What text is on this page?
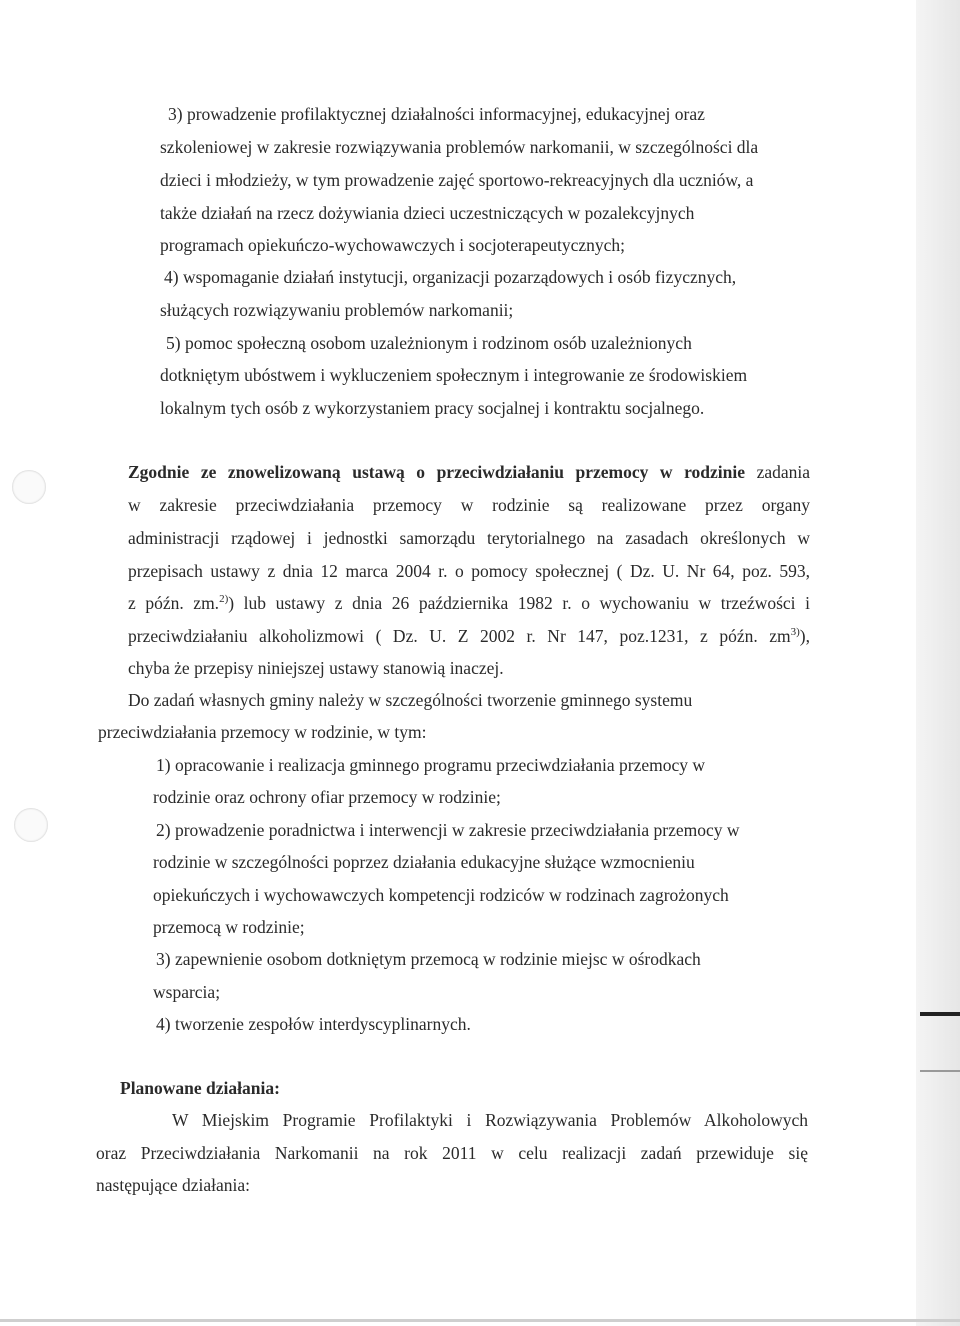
3) prowadzenie profilaktycznej działalności informacyjnej, edukacyjnej oraz
szkoleniowej w zakresie rozwiązywania problemów narkomanii, w szczególności dla
dzieci i młodzieży, w tym prowadzenie zajęć sportowo-rekreacyjnych dla uczniów, a
także działań na rzecz dożywiania dzieci uczestniczących w pozalekcyjnych
programach opiekuńczo-wychowawczych i socjoterapeutycznych;
4) wspomaganie działań instytucji, organizacji pozarządowych i osób fizycznych,
służących rozwiązywaniu problemów narkomanii;
5) pomoc społeczną osobom uzależnionym i rodzinom osób uzależnionych
dotkniętym ubóstwem i wykluczeniem społecznym i integrowanie ze środowiskiem
lokalnym tych osób z wykorzystaniem pracy socjalnej i kontraktu socjalnego.
Zgodnie ze znowelizowaną ustawą o przeciwdziałaniu przemocy w rodzinie zadania
w zakresie przeciwdziałania przemocy w rodzinie są realizowane przez organy
administracji rządowej i jednostki samorządu terytorialnego na zasadach określonych w
przepisach ustawy z dnia 12 marca 2004 r. o pomocy społecznej ( Dz. U. Nr 64, poz. 593,
z późn. zm.$^{2)}$) lub ustawy z dnia 26 października 1982 r. o wychowaniu w trzeźwości i
przeciwdziałaniu alkoholizmowi ( Dz. U. Z 2002 r. Nr 147, poz.1231, z późn. $zm^{3)}$),
chyba że przepisy niniejszej ustawy stanowią inaczej.
Do zadań własnych gminy należy w szczególności tworzenie gminnego systemu
przeciwdziałania przemocy w rodzinie, w tym:
1) opracowanie i realizacja gminnego programu przeciwdziałania przemocy w
rodzinie oraz ochrony ofiar przemocy w rodzinie;
2) prowadzenie poradnictwa i interwencji w zakresie przeciwdziałania przemocy w
rodzinie w szczególności poprzez działania edukacyjne służące wzmocnieniu
opiekuńczych i wychowawczych kompetencji rodziców w rodzinach zagrożonych
przemocą w rodzinie;
3) zapewnienie osobom dotkniętym przemocą w rodzinie miejsc w ośrodkach
wsparcia;
4) tworzenie zespołów interdyscyplinarnych.
Planowane działania:
W Miejskim Programie Profilaktyki i Rozwiązywania Problemów Alkoholowych
oraz Przeciwdziałania Narkomanii na rok 2011 w celu realizacji zadań przewiduje się
następujące działania:
